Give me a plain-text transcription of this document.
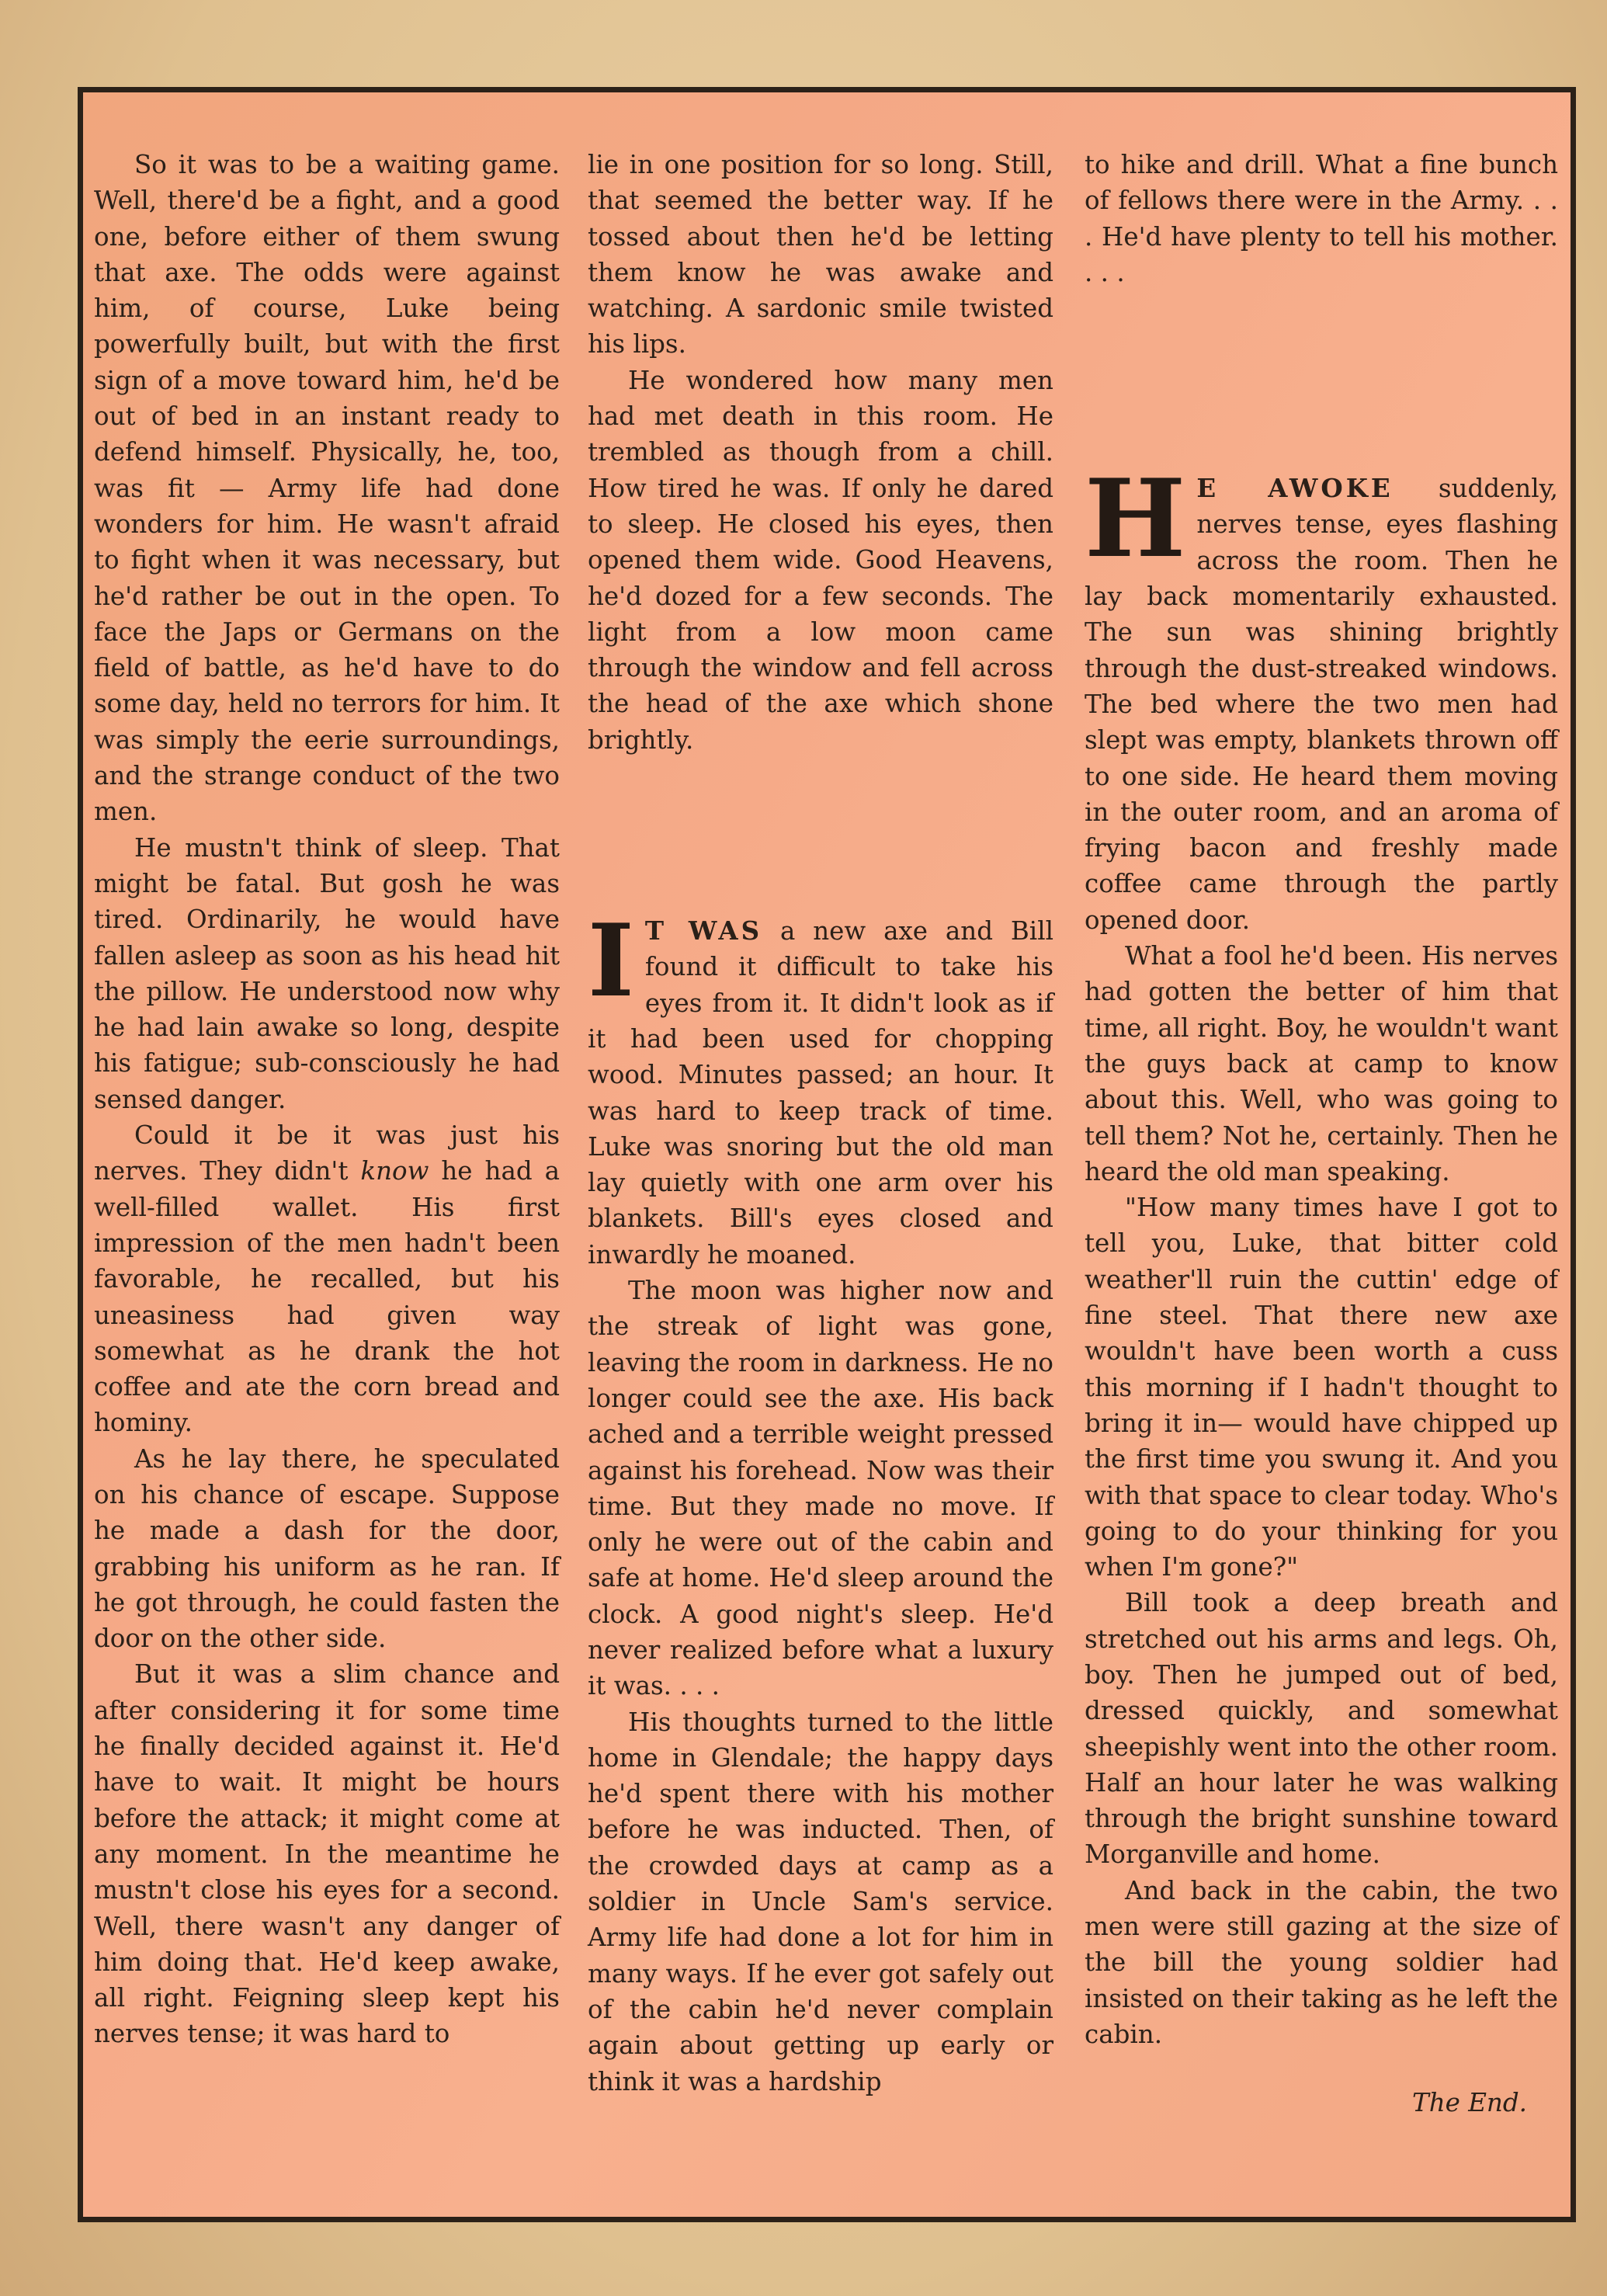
So it was to be a waiting game. Well, there'd be a fight, and a good one, before either of them swung that axe. The odds were against him, of course, Luke being powerfully built, but with the first sign of a move toward him, he'd be out of bed in an instant ready to defend himself. Physically, he, too, was fit — Army life had done wonders for him. He wasn't afraid to fight when it was necessary, but he'd rather be out in the open. To face the Japs or Germans on the field of battle, as he'd have to do some day, held no terrors for him. It was simply the eerie surroundings, and the strange conduct of the two men.

He mustn't think of sleep. That might be fatal. But gosh he was tired. Ordinarily, he would have fallen asleep as soon as his head hit the pillow. He understood now why he had lain awake so long, despite his fatigue; sub-consciously he had sensed danger.

Could it be it was just his nerves. They didn't know he had a well-filled wallet. His first impression of the men hadn't been favorable, he recalled, but his uneasiness had given way somewhat as he drank the hot coffee and ate the corn bread and hominy.

As he lay there, he speculated on his chance of escape. Suppose he made a dash for the door, grabbing his uniform as he ran. If he got through, he could fasten the door on the other side.

But it was a slim chance and after considering it for some time he finally decided against it. He'd have to wait. It might be hours before the attack; it might come at any moment. In the meantime he mustn't close his eyes for a second. Well, there wasn't any danger of him doing that. He'd keep awake, all right. Feigning sleep kept his nerves tense; it was hard to

lie in one position for so long. Still, that seemed the better way. If he tossed about then he'd be letting them know he was awake and watching. A sardonic smile twisted his lips.

He wondered how many men had met death in this room. He trembled as though from a chill. How tired he was. If only he dared to sleep. He closed his eyes, then opened them wide. Good Heavens, he'd dozed for a few seconds. The light from a low moon came through the window and fell across the head of the axe which shone brightly.

I T WAS a new axe and Bill found it difficult to take his eyes from it. It didn't look as if it had been used for chopping wood. Minutes passed; an hour. It was hard to keep track of time. Luke was snoring but the old man lay quietly with one arm over his blankets. Bill's eyes closed and inwardly he moaned.

The moon was higher now and the streak of light was gone, leaving the room in darkness. He no longer could see the axe. His back ached and a terrible weight pressed against his forehead. Now was their time. But they made no move. If only he were out of the cabin and safe at home. He'd sleep around the clock. A good night's sleep. He'd never realized before what a luxury it was. . . .

His thoughts turned to the little home in Glendale; the happy days he'd spent there with his mother before he was inducted. Then, of the crowded days at camp as a soldier in Uncle Sam's service. Army life had done a lot for him in many ways. If he ever got safely out of the cabin he'd never complain again about getting up early or think it was a hardship

to hike and drill. What a fine bunch of fellows there were in the Army. . . . He'd have plenty to tell his mother. . . .

H E AWOKE suddenly, nerves tense, eyes flashing across the room. Then he lay back momentarily exhausted. The sun was shining brightly through the dust-streaked windows. The bed where the two men had slept was empty, blankets thrown off to one side. He heard them moving in the outer room, and an aroma of frying bacon and freshly made coffee came through the partly opened door.

What a fool he'd been. His nerves had gotten the better of him that time, all right. Boy, he wouldn't want the guys back at camp to know about this. Well, who was going to tell them? Not he, certainly. Then he heard the old man speaking.

"How many times have I got to tell you, Luke, that bitter cold weather'll ruin the cuttin' edge of fine steel. That there new axe wouldn't have been worth a cuss this morning if I hadn't thought to bring it in— would have chipped up the first time you swung it. And you with that space to clear today. Who's going to do your thinking for you when I'm gone?"

Bill took a deep breath and stretched out his arms and legs. Oh, boy. Then he jumped out of bed, dressed quickly, and somewhat sheepishly went into the other room. Half an hour later he was walking through the bright sunshine toward Morganville and home.

And back in the cabin, the two men were still gazing at the size of the bill the young soldier had insisted on their taking as he left the cabin.

The End.
